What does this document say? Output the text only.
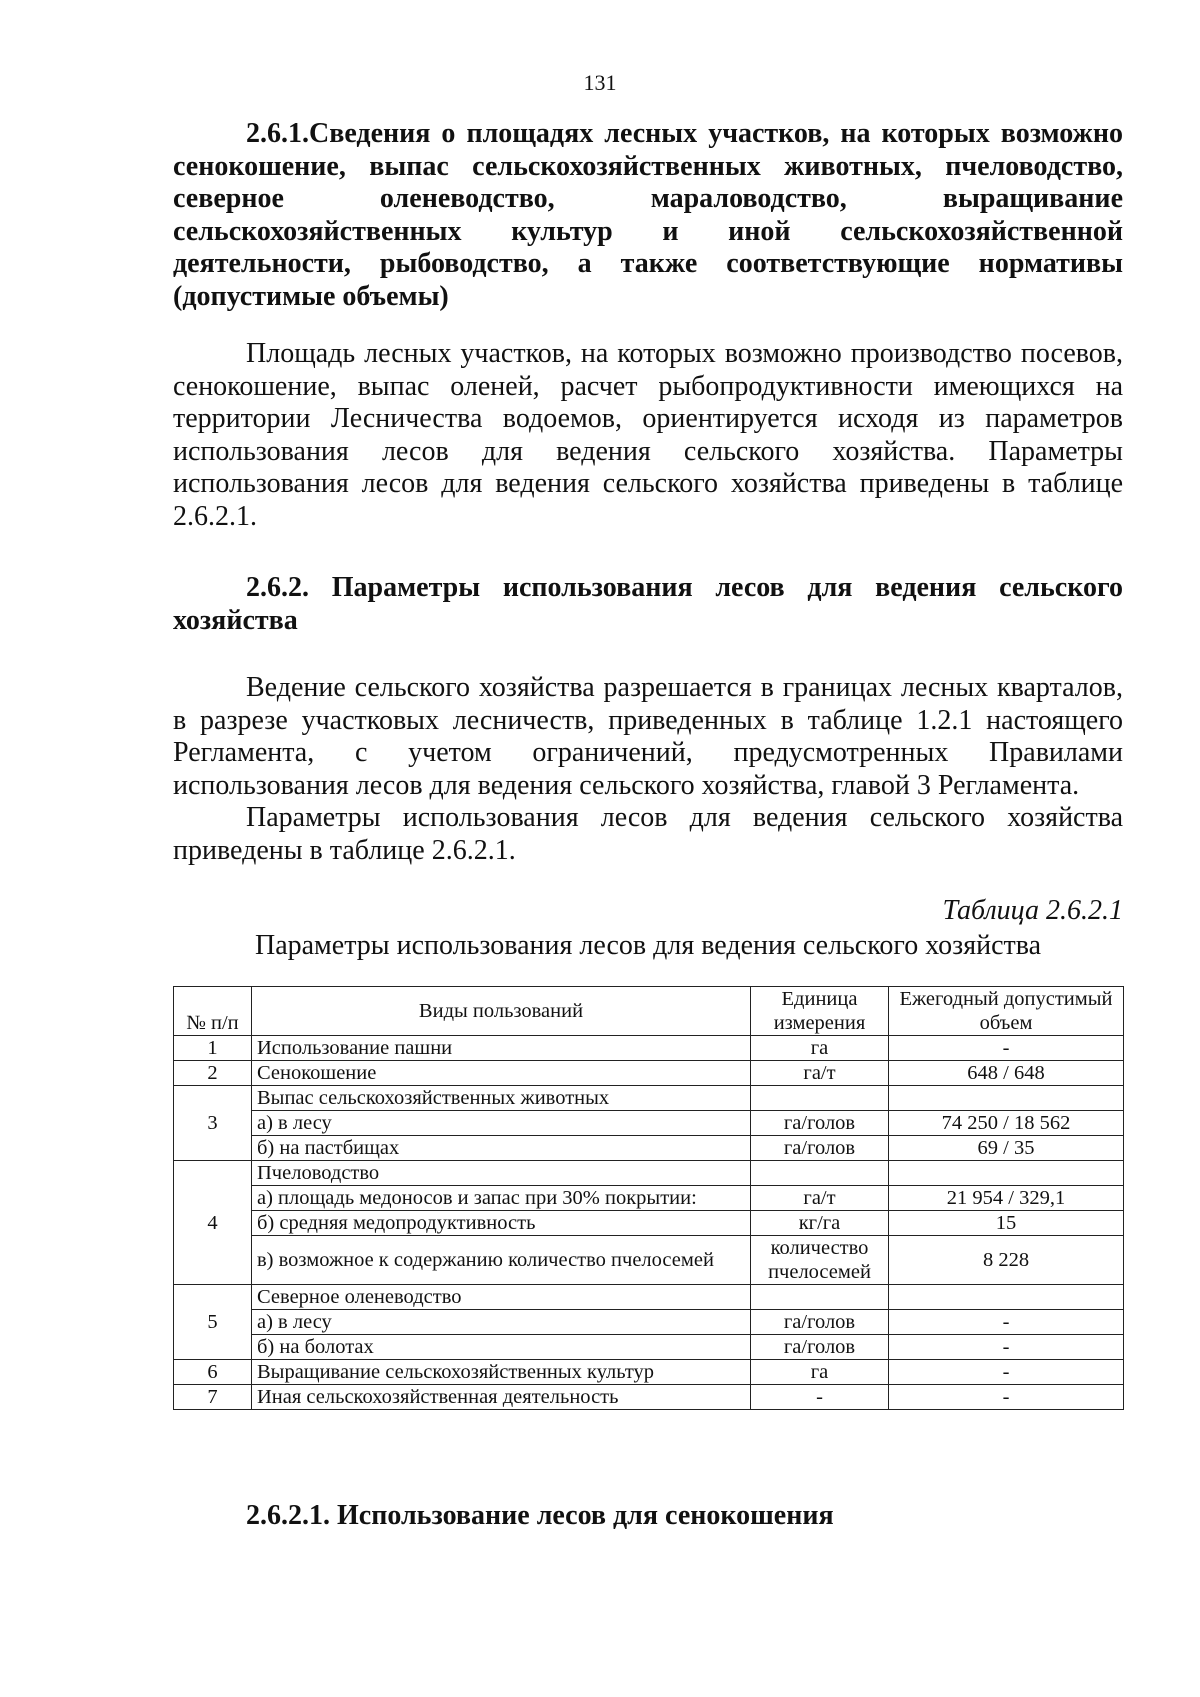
131

2.6.1.Сведения о площадях лесных участков, на которых возможно сенокошение, выпас сельскохозяйственных животных, пчеловодство, северное оленеводство, мараловодство, выращивание сельскохозяйственных культур и иной сельскохозяйственной деятельности, рыбоводство, а также соответствующие нормативы (допустимые объемы)

Площадь лесных участков, на которых возможно производство посевов, сенокошение, выпас оленей, расчет рыбопродуктивности имеющихся на территории Лесничества водоемов, ориентируется исходя из параметров использования лесов для ведения сельского хозяйства. Параметры использования лесов для ведения сельского хозяйства приведены в таблице 2.6.2.1.

2.6.2. Параметры использования лесов для ведения сельского хозяйства

Ведение сельского хозяйства разрешается в границах лесных кварталов, в разрезе участковых лесничеств, приведенных в таблице 1.2.1 настоящего Регламента, с учетом ограничений, предусмотренных Правилами использования лесов для ведения сельского хозяйства, главой 3 Регламента.

Параметры использования лесов для ведения сельского хозяйства приведены в таблице 2.6.2.1.

Таблица 2.6.2.1
Параметры использования лесов для ведения сельского хозяйства
№ п/п	Виды пользований	Единица измерения	Ежегодный допустимый объем
1	Использование пашни	га	-
2	Сенокошение	га/т	648 / 648
3	Выпас сельскохозяйственных животных		
	а) в лесу	га/голов	74 250 / 18 562
	б) на пастбищах	га/голов	69 / 35
4	Пчеловодство		
	а) площадь медоносов и запас при 30% покрытии:	га/т	21 954 / 329,1
	б) средняя медопродуктивность	кг/га	15
	в) возможное к содержанию количество пчелосемей	количество пчелосемей	8 228
5	Северное оленеводство		
	а) в лесу	га/голов	-
	б) на болотах	га/голов	-
6	Выращивание сельскохозяйственных культур	га	-
7	Иная сельскохозяйственная деятельность	-	-

2.6.2.1. Использование лесов для сенокошения
